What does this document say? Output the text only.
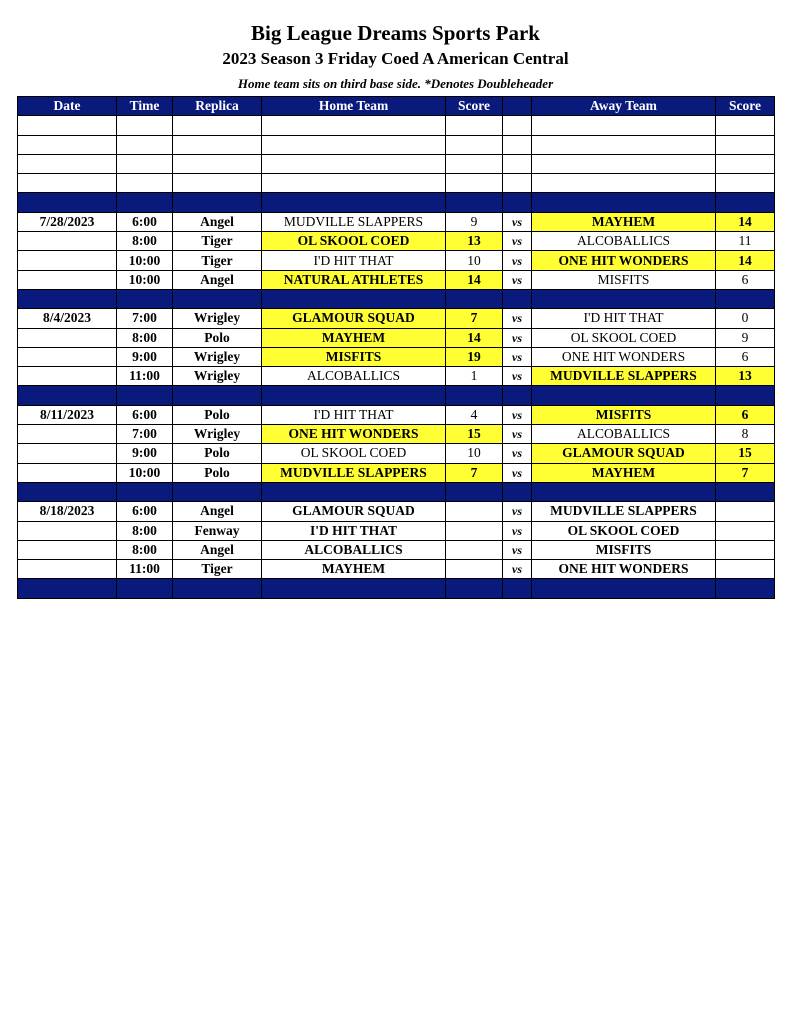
Big League Dreams Sports Park
2023 Season 3 Friday Coed A American Central
Home team sits on third base side. *Denotes Doubleheader
Date	Time	Replica	Home Team	Score		Away Team	Score

7/28/2023	6:00	Angel	MUDVILLE SLAPPERS	9	vs	MAYHEM	14
	8:00	Tiger	OL SKOOL COED	13	vs	ALCOBALLICS	11
	10:00	Tiger	I'D HIT THAT	10	vs	ONE HIT WONDERS	14
	10:00	Angel	NATURAL ATHLETES	14	vs	MISFITS	6

8/4/2023	7:00	Wrigley	GLAMOUR SQUAD	7	vs	I'D HIT THAT	0
	8:00	Polo	MAYHEM	14	vs	OL SKOOL COED	9
	9:00	Wrigley	MISFITS	19	vs	ONE HIT WONDERS	6
	11:00	Wrigley	ALCOBALLICS	1	vs	MUDVILLE SLAPPERS	13

8/11/2023	6:00	Polo	I'D HIT THAT	4	vs	MISFITS	6
	7:00	Wrigley	ONE HIT WONDERS	15	vs	ALCOBALLICS	8
	9:00	Polo	OL SKOOL COED	10	vs	GLAMOUR SQUAD	15
	10:00	Polo	MUDVILLE SLAPPERS	7	vs	MAYHEM	7

8/18/2023	6:00	Angel	GLAMOUR SQUAD		vs	MUDVILLE SLAPPERS	
	8:00	Fenway	I'D HIT THAT		vs	OL SKOOL COED	
	8:00	Angel	ALCOBALLICS		vs	MISFITS	
	11:00	Tiger	MAYHEM		vs	ONE HIT WONDERS	
